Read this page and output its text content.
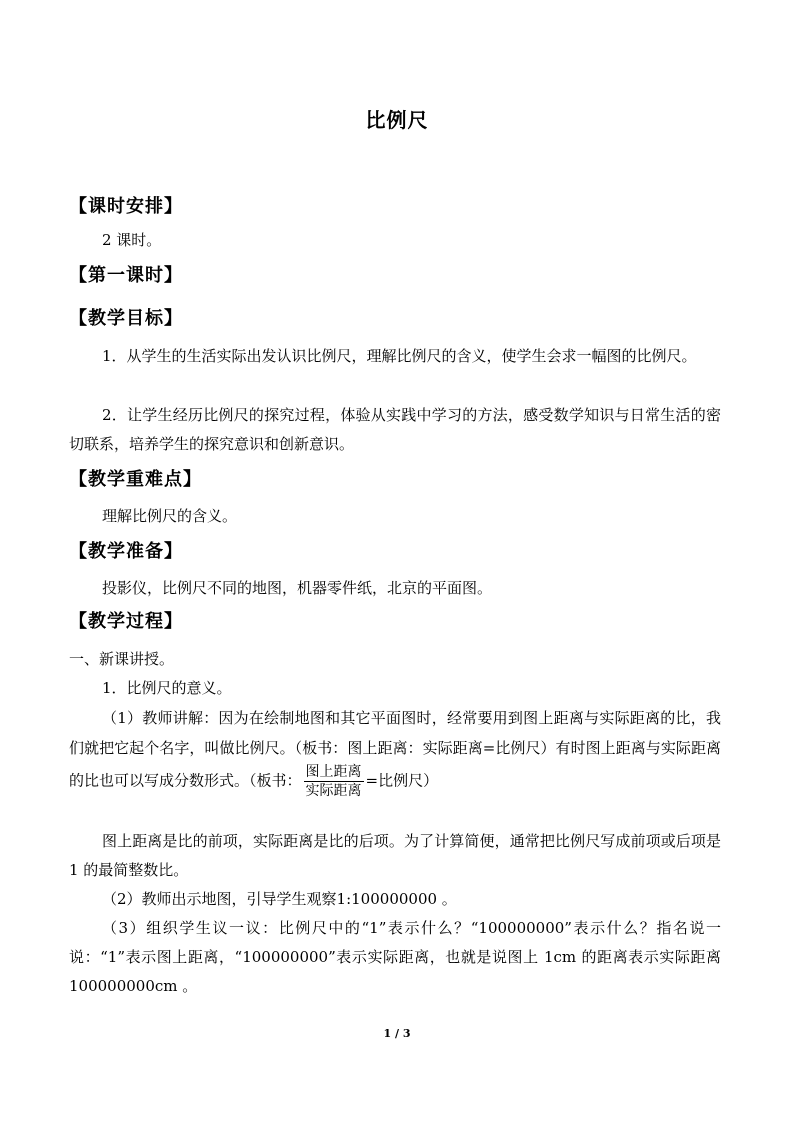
比例尺
【课时安排】
2 课时。
【第一课时】
【教学目标】
1．从学生的生活实际出发认识比例尺，理解比例尺的含义，使学生会求一幅图的比例尺。
2．让学生经历比例尺的探究过程，体验从实践中学习的方法，感受数学知识与日常生活的密切联系，培养学生的探究意识和创新意识。
【教学重难点】
理解比例尺的含义。
【教学准备】
投影仪，比例尺不同的地图，机器零件纸，北京的平面图。
【教学过程】
一、新课讲授。
1．比例尺的意义。
（1）教师讲解：因为在绘制地图和其它平面图时，经常要用到图上距离与实际距离的比，我们就把它起个名字，叫做比例尺。（板书：图上距离：实际距离=比例尺）有时图上距离与实际距离的比也可以写成分数形式。（板书： $\frac{\text{图上距离}}{\text{实际距离}}$ =比例尺）
图上距离是比的前项，实际距离是比的后项。为了计算简便，通常把比例尺写成前项或后项是 1 的最简整数比。
（2）教师出示地图，引导学生观察1:100000000 。
（3）组织学生议一议：比例尺中的“1”表示什么？“100000000”表示什么？指名说一说：“1”表示图上距离，“100000000”表示实际距离，也就是说图上 1cm 的距离表示实际距离 100000000cm 。
1 / 3
